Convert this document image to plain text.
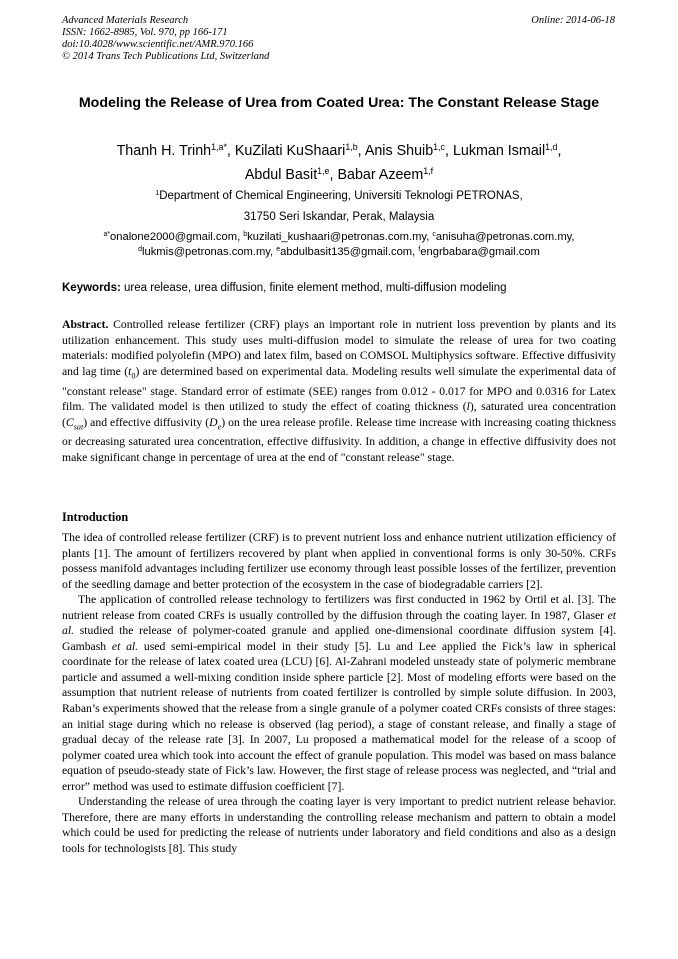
Advanced Materials Research
ISSN: 1662-8985, Vol. 970, pp 166-171
doi:10.4028/www.scientific.net/AMR.970.166
© 2014 Trans Tech Publications Ltd, Switzerland
Online: 2014-06-18
Modeling the Release of Urea from Coated Urea: The Constant Release Stage
Thanh H. Trinh$^{1,a*}$, KuZilati KuShaari$^{1,b}$, Anis Shuib$^{1,c}$, Lukman Ismail$^{1,d}$,
Abdul Basit$^{1,e}$, Babar Azeem$^{1,f}$
$^1$Department of Chemical Engineering, Universiti Teknologi PETRONAS,
31750 Seri Iskandar, Perak, Malaysia
$^{a*}$onalone2000@gmail.com, $^b$kuzilati_kushaari@petronas.com.my, $^c$anisuha@petronas.com.my,
$^d$lukmis@petronas.com.my, $^e$abdulbasit135@gmail.com, $^f$engrbabara@gmail.com
Keywords: urea release, urea diffusion, finite element method, multi-diffusion modeling
Abstract. Controlled release fertilizer (CRF) plays an important role in nutrient loss prevention by plants and its utilization enhancement. This study uses multi-diffusion model to simulate the release of urea for two coating materials: modified polyolefin (MPO) and latex film, based on COMSOL Multiphysics software. Effective diffusivity and lag time $(t_0)$ are determined based on experimental data. Modeling results well simulate the experimental data of "constant release" stage. Standard error of estimate (SEE) ranges from 0.012 - 0.017 for MPO and 0.0316 for Latex film. The validated model is then utilized to study the effect of coating thickness (l), saturated urea concentration $(C_{sat})$ and effective diffusivity $(D_e)$ on the urea release profile. Release time increase with increasing coating thickness or decreasing saturated urea concentration, effective diffusivity. In addition, a change in effective diffusivity does not make significant change in percentage of urea at the end of "constant release" stage.
Introduction

The idea of controlled release fertilizer (CRF) is to prevent nutrient loss and enhance nutrient utilization efficiency of plants [1]. The amount of fertilizers recovered by plant when applied in conventional forms is only 30-50%. CRFs possess manifold advantages including fertilizer use economy through least possible losses of the fertilizer, prevention of the seedling damage and better protection of the ecosystem in the case of biodegradable carriers [2].

The application of controlled release technology to fertilizers was first conducted in 1962 by Ortil et al. [3]. The nutrient release from coated CRFs is usually controlled by the diffusion through the coating layer. In 1987, Glaser et al. studied the release of polymer-coated granule and applied one-dimensional coordinate diffusion system [4]. Gambash et al. used semi-empirical model in their study [5]. Lu and Lee applied the Fick’s law in spherical coordinate for the release of latex coated urea (LCU) [6]. Al-Zahrani modeled unsteady state of polymeric membrane particle and assumed a well-mixing condition inside sphere particle [2]. Most of modeling efforts were based on the assumption that nutrient release of nutrients from coated fertilizer is controlled by simple solute diffusion. In 2003, Raban’s experiments showed that the release from a single granule of a polymer coated CRFs consists of three stages: an initial stage during which no release is observed (lag period), a stage of constant release, and finally a stage of gradual decay of the release rate [3]. In 2007, Lu proposed a mathematical model for the release of a scoop of polymer coated urea which took into account the effect of granule population. This model was based on mass balance equation of pseudo-steady state of Fick’s law. However, the first stage of release process was neglected, and “trial and error” method was used to estimate diffusion coefficient [7].

Understanding the release of urea through the coating layer is very important to predict nutrient release behavior. Therefore, there are many efforts in understanding the controlling release mechanism and pattern to obtain a model which could be used for predicting the release of nutrients under laboratory and field conditions and also as a design tools for technologists [8]. This study
